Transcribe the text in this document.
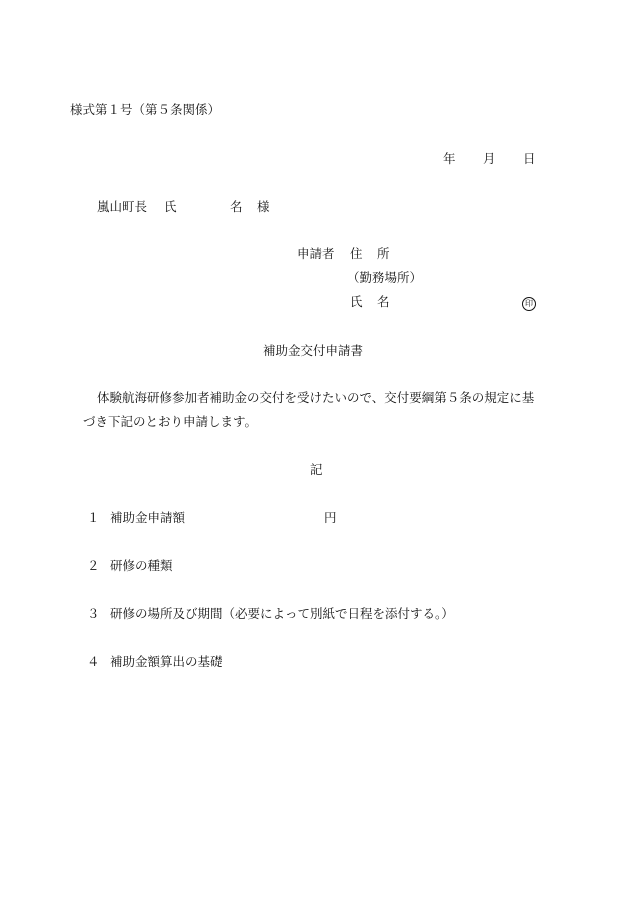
様式第１号（第５条関係）
年 月 日
嵐山町長 氏	名 様
申請者 住 所
（勤務場所）
氏 名	印
補助金交付申請書
体験航海研修参加者補助金の交付を受けたいので、交付要綱第５条の規定に基
づき下記のとおり申請します。
記
１ 補助金申請額	円
２ 研修の種類
３ 研修の場所及び期間（必要によって別紙で日程を添付する。）
４ 補助金額算出の基礎
